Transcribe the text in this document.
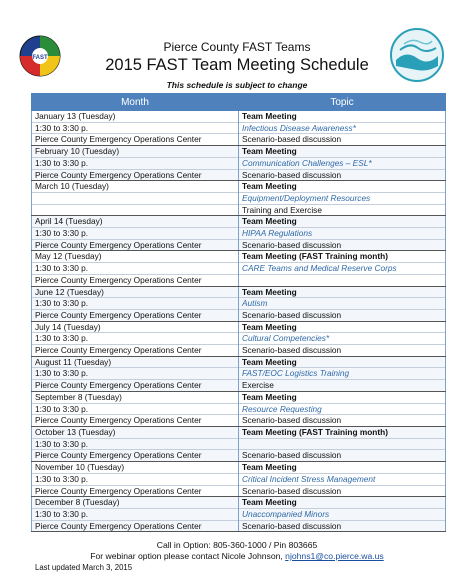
FAST
Pierce County FAST Teams
2015 FAST Team Meeting Schedule
This schedule is subject to change
Month	Topic
January 13 (Tuesday)	Team Meeting
1:30 to 3:30 p.	Infectious Disease Awareness*
Pierce County Emergency Operations Center	Scenario-based discussion
February 10 (Tuesday)	Team Meeting
1:30 to 3:30 p.	Communication Challenges – ESL*
Pierce County Emergency Operations Center	Scenario-based discussion
March 10 (Tuesday)	Team Meeting
	Equipment/Deployment Resources
	Training and Exercise
April 14 (Tuesday)	Team Meeting
1:30 to 3:30 p.	HIPAA Regulations
Pierce County Emergency Operations Center	Scenario-based discussion
May 12 (Tuesday)	Team Meeting (FAST Training month)
1:30 to 3:30 p.	CARE Teams and Medical Reserve Corps
Pierce County Emergency Operations Center	
June 12 (Tuesday)	Team Meeting
1:30 to 3:30 p.	Autism
Pierce County Emergency Operations Center	Scenario-based discussion
July 14 (Tuesday)	Team Meeting
1:30 to 3:30 p.	Cultural Competencies*
Pierce County Emergency Operations Center	Scenario-based discussion
August 11 (Tuesday)	Team Meeting
1:30 to 3:30 p.	FAST/EOC Logistics Training
Pierce County Emergency Operations Center	Exercise
September 8 (Tuesday)	Team Meeting
1:30 to 3:30 p.	Resource Requesting
Pierce County Emergency Operations Center	Scenario-based discussion
October 13 (Tuesday)	Team Meeting (FAST Training month)
1:30 to 3:30 p.	
Pierce County Emergency Operations Center	Scenario-based discussion
November 10 (Tuesday)	Team Meeting
1:30 to 3:30 p.	Critical Incident Stress Management
Pierce County Emergency Operations Center	Scenario-based discussion
December 8 (Tuesday)	Team Meeting
1:30 to 3:30 p.	Unaccompanied Minors
Pierce County Emergency Operations Center	Scenario-based discussion
Call in Option: 805-360-1000 / Pin 803665
For webinar option please contact Nicole Johnson, njohns1@co.pierce.wa.us
Last updated March 3, 2015
